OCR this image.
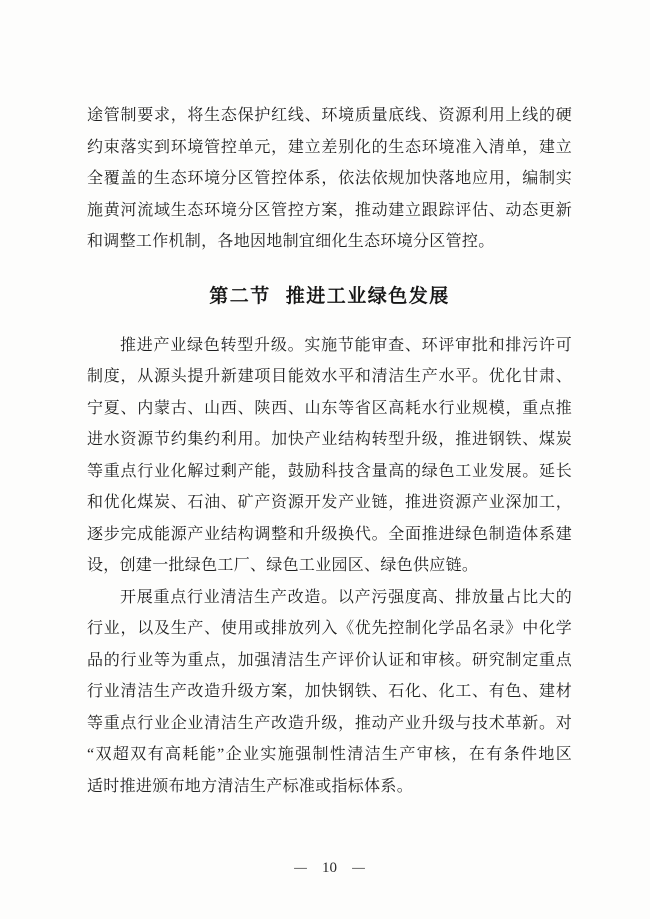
途管制要求，将生态保护红线、环境质量底线、资源利用上线的硬
约束落实到环境管控单元，建立差别化的生态环境准入清单，建立
全覆盖的生态环境分区管控体系，依法依规加快落地应用，编制实
施黄河流域生态环境分区管控方案，推动建立跟踪评估、动态更新
和调整工作机制，各地因地制宜细化生态环境分区管控。
第二节 推进工业绿色发展
推进产业绿色转型升级。实施节能审查、环评审批和排污许可
制度，从源头提升新建项目能效水平和清洁生产水平。优化甘肃、
宁夏、内蒙古、山西、陕西、山东等省区高耗水行业规模，重点推
进水资源节约集约利用。加快产业结构转型升级，推进钢铁、煤炭
等重点行业化解过剩产能，鼓励科技含量高的绿色工业发展。延长
和优化煤炭、石油、矿产资源开发产业链，推进资源产业深加工，
逐步完成能源产业结构调整和升级换代。全面推进绿色制造体系建
设，创建一批绿色工厂、绿色工业园区、绿色供应链。
开展重点行业清洁生产改造。以产污强度高、排放量占比大的
行业，以及生产、使用或排放列入《优先控制化学品名录》中化学
品的行业等为重点，加强清洁生产评价认证和审核。研究制定重点
行业清洁生产改造升级方案，加快钢铁、石化、化工、有色、建材
等重点行业企业清洁生产改造升级，推动产业升级与技术革新。对
“双超双有高耗能”企业实施强制性清洁生产审核，在有条件地区
适时推进颁布地方清洁生产标准或指标体系。
— 10 —
